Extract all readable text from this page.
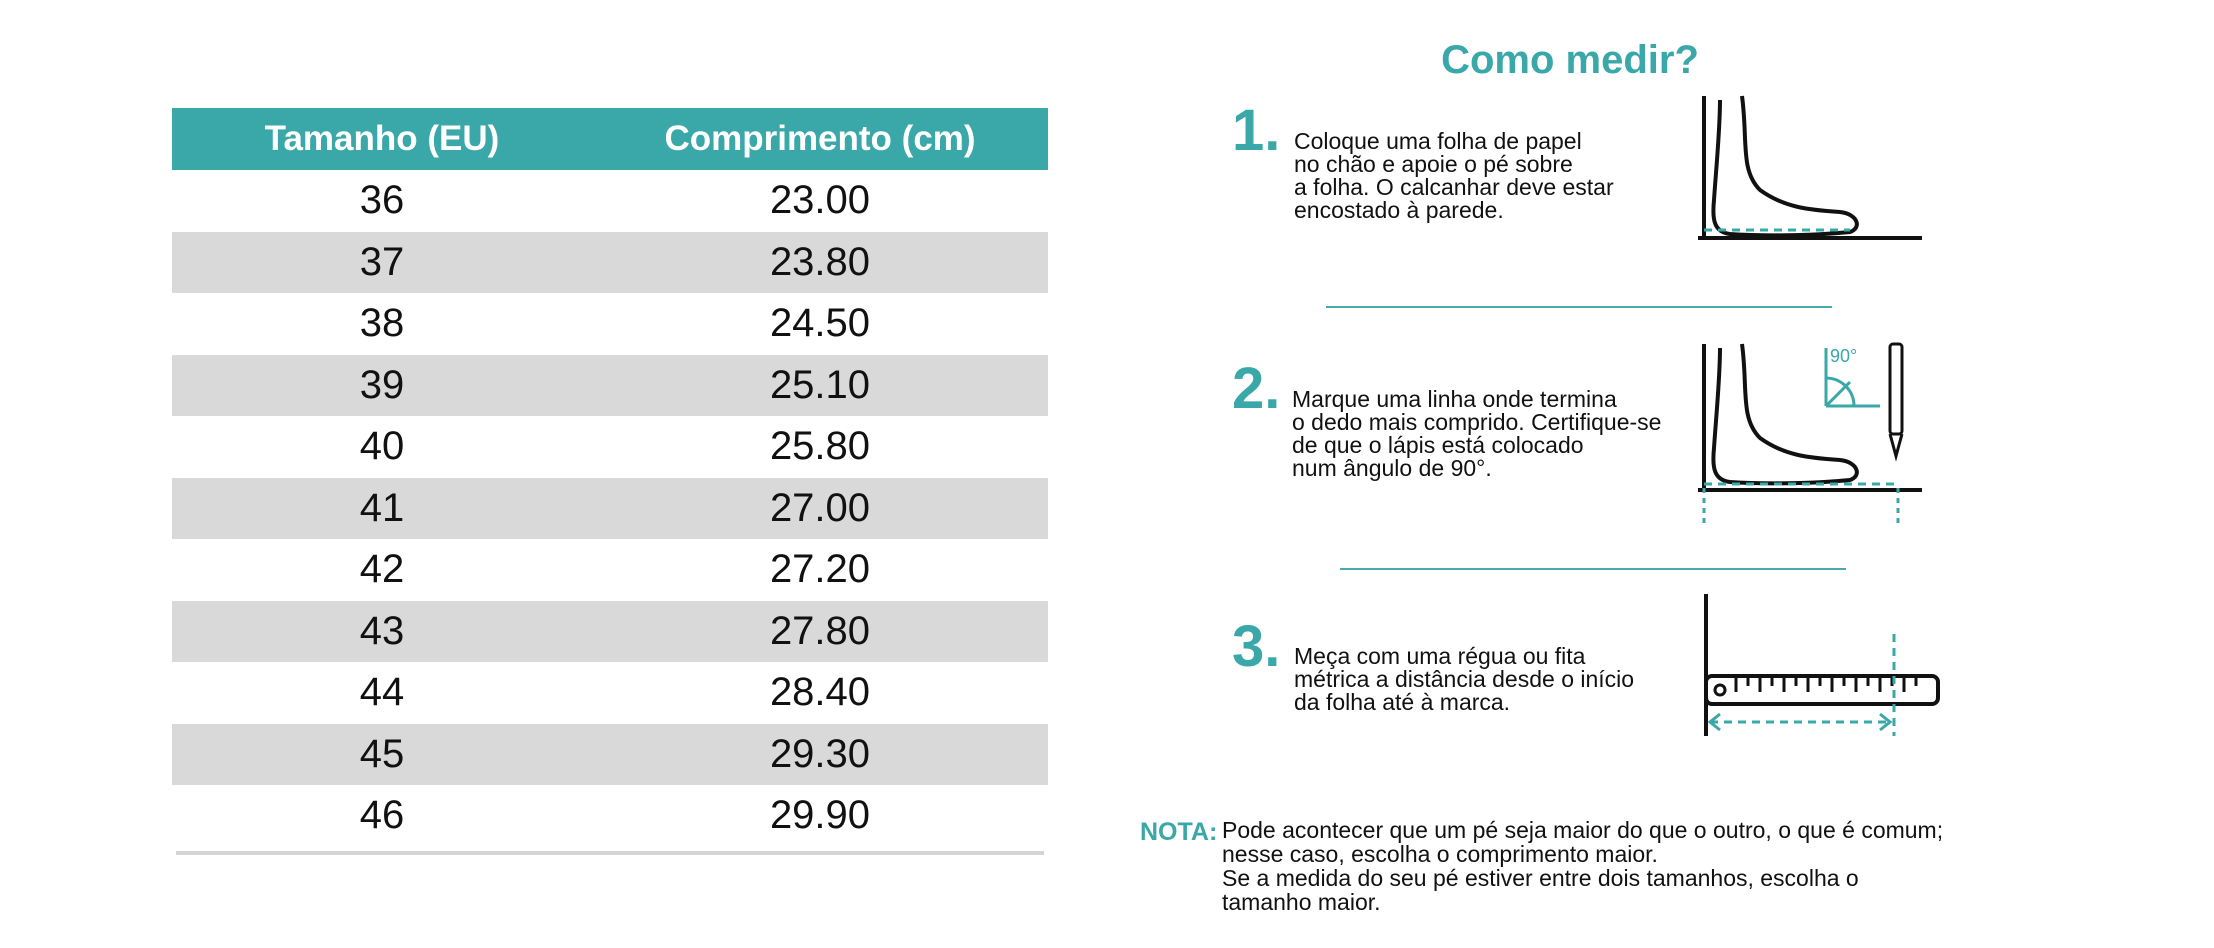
Tamanho (EU)	Comprimento (cm)
36	23.00
37	23.80
38	24.50
39	25.10
40	25.80
41	27.00
42	27.20
43	27.80
44	28.40
45	29.30
46	29.90
Como medir?
1. Coloque uma folha de papel
no chão e apoie o pé sobre
a folha. O calcanhar deve estar
encostado à parede.
2. Marque uma linha onde termina
o dedo mais comprido. Certifique-se
de que o lápis está colocado
num ângulo de 90°.
90°
3. Meça com uma régua ou fita
métrica a distância desde o início
da folha até à marca.
NOTA: Pode acontecer que um pé seja maior do que o outro, o que é comum;
nesse caso, escolha o comprimento maior.
Se a medida do seu pé estiver entre dois tamanhos, escolha o
tamanho maior.
